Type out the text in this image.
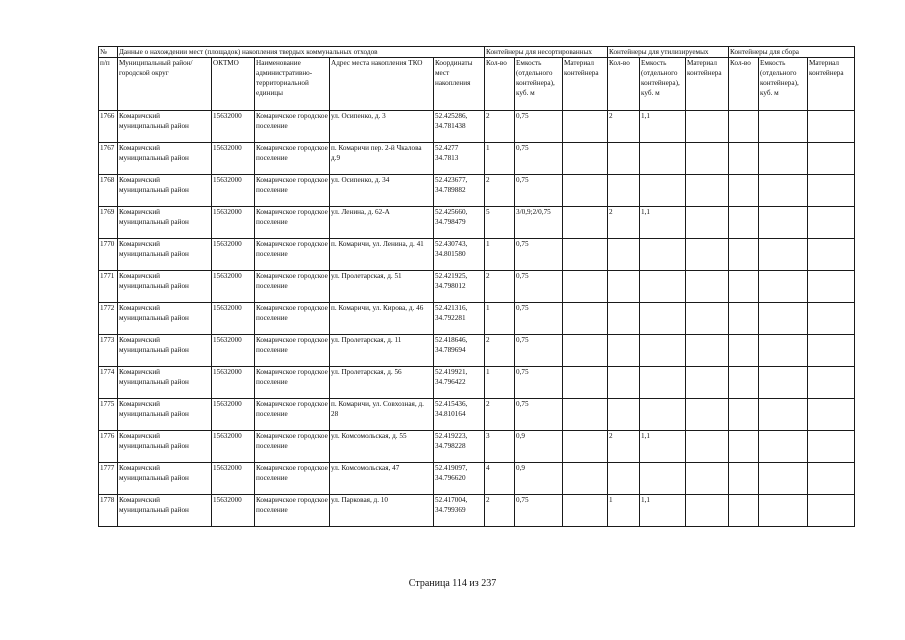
№	Данные о нахождении мест (площадок) накопления твердых коммунальных отходов					Контейнеры для несортированных			Контейнеры для утилизируемых			Контейнеры для сбора		
п/п	Муниципальный район/городской округ	ОКТМО	Наименование административно-территориальной единицы	Адрес места накопления ТКО	Координаты мест накопления	Кол-во	Емкость (отдельного контейнера), куб. м	Материал контейнера	Кол-во	Емкость (отдельного контейнера), куб. м	Материал контейнера	Кол-во	Емкость (отдельного контейнера), куб. м	Материал контейнера
1766	Комаричский муниципальный район	15632000	Комаричское городское поселение	ул. Осипенко, д. 3	52.425286, 34.781438	2	0,75		2	1,1				
1767	Комаричский муниципальный район	15632000	Комаричское городское поселение	п. Комаричи пер. 2-й Чкалова д.9	52.4277 34.7813	1	0,75							
1768	Комаричский муниципальный район	15632000	Комаричское городское поселение	ул. Осипенко, д. 34	52.423677, 34.789882	2	0,75							
1769	Комаричский муниципальный район	15632000	Комаричское городское поселение	ул. Ленина, д. 62-А	52.425660, 34.798479	5	3/0,9;2/0,75		2	1,1				
1770	Комаричский муниципальный район	15632000	Комаричское городское поселение	п. Комаричи, ул. Ленина, д. 41	52.430743, 34.801580	1	0,75							
1771	Комаричский муниципальный район	15632000	Комаричское городское поселение	ул. Пролетарская, д. 51	52.421925, 34.798012	2	0,75							
1772	Комаричский муниципальный район	15632000	Комаричское городское поселение	п. Комаричи, ул. Кирова, д. 46	52.421316, 34.792281	1	0,75							
1773	Комаричский муниципальный район	15632000	Комаричское городское поселение	ул. Пролетарская, д. 11	52.418646, 34.789694	2	0,75							
1774	Комаричский муниципальный район	15632000	Комаричское городское поселение	ул. Пролетарская, д. 56	52.419921, 34.796422	1	0,75							
1775	Комаричский муниципальный район	15632000	Комаричское городское поселение	п. Комаричи, ул. Совхозная, д. 28	52.415436, 34.810164	2	0,75							
1776	Комаричский муниципальный район	15632000	Комаричское городское поселение	ул. Комсомольская, д. 55	52.419223, 34.798228	3	0,9		2	1,1				
1777	Комаричский муниципальный район	15632000	Комаричское городское поселение	ул. Комсомольская, 47	52.419097, 34.796620	4	0,9							
1778	Комаричский муниципальный район	15632000	Комаричское городское поселение	ул. Парковая, д. 10	52.417004, 34.799369	2	0,75		1	1,1				
Страница 114 из 237
